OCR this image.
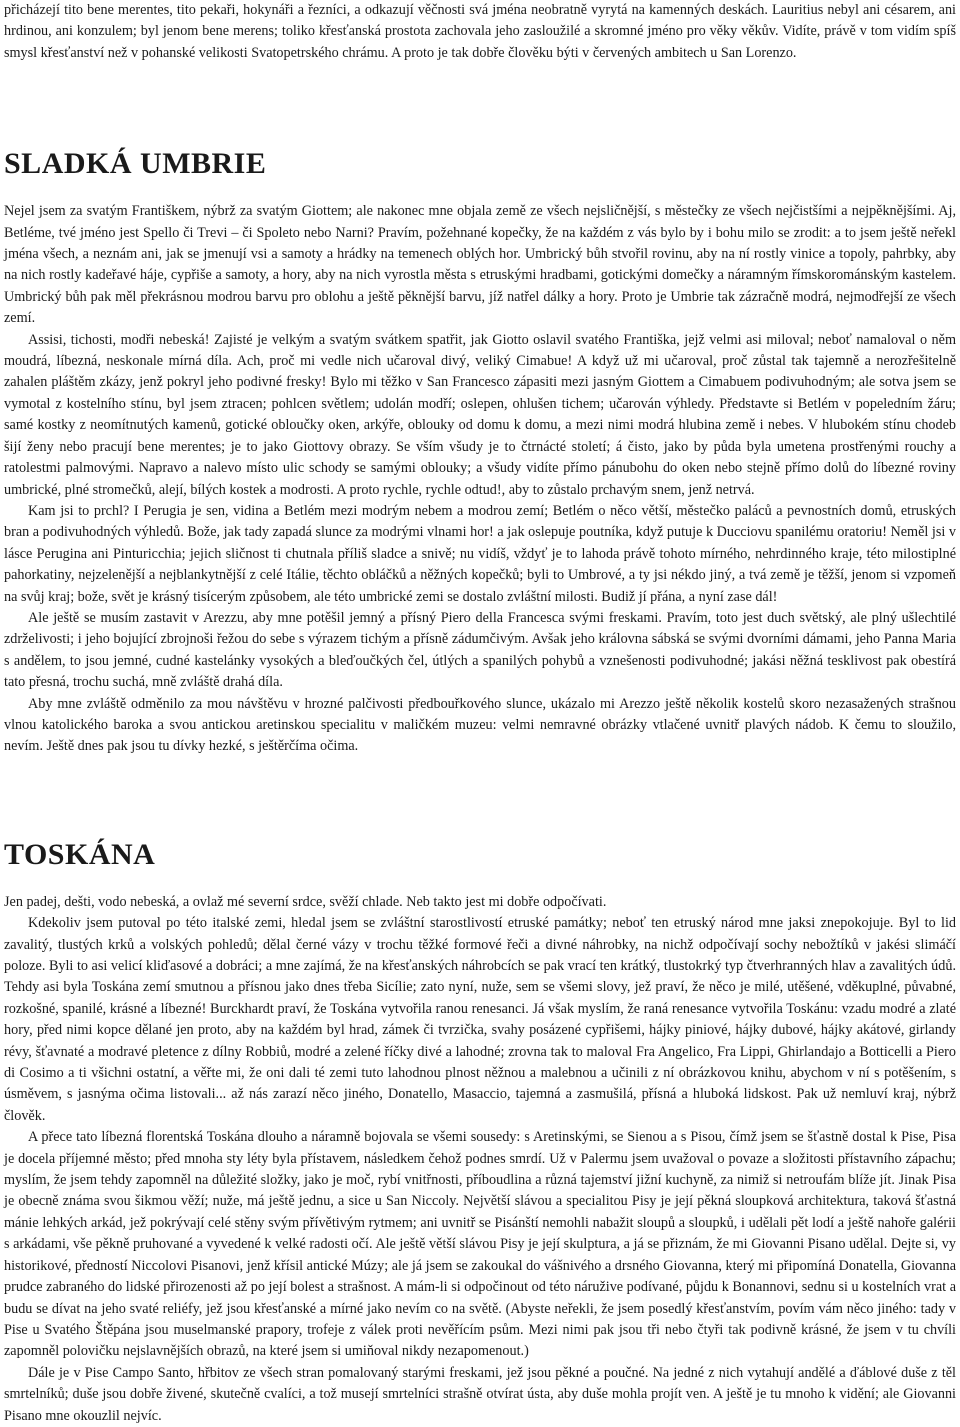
přicházejí tito bene merentes, tito pekaři, hokynáři a řezníci, a odkazují věčnosti svá jména neobratně vyrytá na kamenných deskách. Lauritius nebyl ani césarem, ani hrdinou, ani konzulem; byl jenom bene merens; toliko křesťanská prostota zachovala jeho zasloužilé a skromné jméno pro věky věkův. Vidíte, právě v tom vidím spíš smysl křesťanství než v pohanské velikosti Svatopetrského chrámu. A proto je tak dobře člověku býti v červených ambitech u San Lorenzo.

SLADKÁ UMBRIE

Nejel jsem za svatým Františkem, nýbrž za svatým Giottem; ale nakonec mne objala země ze všech nejsličnější, s městečky ze všech nejčistšími a nejpěknějšími. Aj, Betléme, tvé jméno jest Spello či Trevi – či Spoleto nebo Narni? Pravím, požehnané kopečky, že na každém z vás bylo by i bohu milo se zrodit: a to jsem ještě neřekl jména všech, a neznám ani, jak se jmenují vsi a samoty a hrádky na temenech oblých hor. Umbrický bůh stvořil rovinu, aby na ní rostly vinice a topoly, pahrbky, aby na nich rostly kadeřavé háje, cypřiše a samoty, a hory, aby na nich vyrostla města s etruskými hradbami, gotickými domečky a náramným římskorománským kastelem. Umbrický bůh pak měl překrásnou modrou barvu pro oblohu a ještě pěknější barvu, jíž natřel dálky a hory. Proto je Umbrie tak zázračně modrá, nejmodřejší ze všech zemí.

Assisi, tichosti, modři nebeská! Zajisté je velkým a svatým svátkem spatřit, jak Giotto oslavil svatého Františka, jejž velmi asi miloval; neboť namaloval o něm moudrá, líbezná, neskonale mírná díla. Ach, proč mi vedle nich učaroval divý, veliký Cimabue! A když už mi učaroval, proč zůstal tak tajemně a nerozřešitelně zahalen pláštěm zkázy, jenž pokryl jeho podivné fresky! Bylo mi těžko v San Francesco zápasiti mezi jasným Giottem a Cimabuem podivuhodným; ale sotva jsem se vymotal z kostelního stínu, byl jsem ztracen; pohlcen světlem; udolán modří; oslepen, ohlušen tichem; učarován výhledy. Představte si Betlém v popeledním žáru; samé kostky z neomítnutých kamenů, gotické obloučky oken, arkýře, oblouky od domu k domu, a mezi nimi modrá hlubina země i nebes. V hlubokém stínu chodeb šijí ženy nebo pracují bene merentes; je to jako Giottovy obrazy. Se vším všudy je to čtrnácté století; á čisto, jako by půda byla umetena prostřenými rouchy a ratolestmi palmovými. Napravo a nalevo místo ulic schody se samými oblouky; a všudy vidíte přímo pánubohu do oken nebo stejně přímo dolů do líbezné roviny umbrické, plné stromečků, alejí, bílých kostek a modrosti. A proto rychle, rychle odtud!, aby to zůstalo prchavým snem, jenž netrvá.

Kam jsi to prchl? I Perugia je sen, vidina a Betlém mezi modrým nebem a modrou zemí; Betlém o něco větší, městečko paláců a pevnostních domů, etruských bran a podivuhodných výhledů. Bože, jak tady zapadá slunce za modrými vlnami hor! a jak oslepuje poutníka, když putuje k Ducciovu spanilému oratoriu! Neměl jsi v lásce Perugina ani Pinturicchia; jejich sličnost ti chutnala příliš sladce a snivě; nu vidíš, vždyť je to lahoda právě tohoto mírného, nehrdinného kraje, této milostiplné pahorkatiny, nejzelenější a nejblankytnější z celé Itálie, těchto obláčků a něžných kopečků; byli to Umbrové, a ty jsi nékdo jiný, a tvá země je těžší, jenom si vzpomeň na svůj kraj; bože, svět je krásný tisícerým způsobem, ale této umbrické zemi se dostalo zvláštní milosti. Budiž jí přána, a nyní zase dál!

Ale ještě se musím zastavit v Arezzu, aby mne potěšil jemný a přísný Piero della Francesca svými freskami. Pravím, toto jest duch světský, ale plný ušlechtilé zdrželivosti; i jeho bojující zbrojnoši řežou do sebe s výrazem tichým a přísně zádumčivým. Avšak jeho královna sábská se svými dvorními dámami, jeho Panna Maria s andělem, to jsou jemné, cudné kastelánky vysokých a bleďoučkých čel, útlých a spanilých pohybů a vznešenosti podivuhodné; jakási něžná tesklivost pak obestírá tato přesná, trochu suchá, mně zvláště drahá díla.

Aby mne zvláště odměnilo za mou návštěvu v hrozné palčivosti předbouřkového slunce, ukázalo mi Arezzo ještě několik kostelů skoro nezasažených strašnou vlnou katolického baroka a svou antickou aretinskou specialitu v maličkém muzeu: velmi nemravné obrázky vtlačené uvnitř plavých nádob. K čemu to sloužilo, nevím. Ještě dnes pak jsou tu dívky hezké, s ještěrčíma očima.

TOSKÁNA

Jen padej, dešti, vodo nebeská, a ovlaž mé severní srdce, svěží chlade. Neb takto jest mi dobře odpočívati.

Kdekoliv jsem putoval po této italské zemi, hledal jsem se zvláštní starostlivostí etruské památky; neboť ten etruský národ mne jaksi znepokojuje. Byl to lid zavalitý, tlustých krků a volských pohledů; dělal černé vázy v trochu těžké formové řeči a divné náhrobky, na nichž odpočívají sochy nebožtíků v jakési slimáčí poloze. Byli to asi velicí kliďasové a dobráci; a mne zajímá, že na křesťanských náhrobcích se pak vrací ten krátký, tlustokrký typ čtverhranných hlav a zavalitých údů. Tehdy asi byla Toskána zemí smutnou a přísnou jako dnes třeba Sicílie; zato nyní, nuže, sem se všemi slovy, jež praví, že něco je milé, utěšené, vděkuplné, půvabné, rozkošné, spanilé, krásné a líbezné! Burckhardt praví, že Toskána vytvořila ranou renesanci. Já však myslím, že raná renesance vytvořila Toskánu: vzadu modré a zlaté hory, před nimi kopce dělané jen proto, aby na každém byl hrad, zámek či tvrzička, svahy posázené cypřišemi, hájky piniové, hájky dubové, hájky akátové, girlandy révy, šťavnaté a modravé pletence z dílny Robbiů, modré a zelené říčky divé a lahodné; zrovna tak to maloval Fra Angelico, Fra Lippi, Ghirlandajo a Botticelli a Piero di Cosimo a ti všichni ostatní, a věřte mi, že oni dali té zemi tuto lahodnou plnost něžnou a malebnou a učinili z ní obrázkovou knihu, abychom v ní s potěšením, s úsměvem, s jasnýma očima listovali... až nás zarazí něco jiného, Donatello, Masaccio, tajemná a zasmušilá, přísná a hluboká lidskost. Pak už nemluví kraj, nýbrž člověk.

A přece tato líbezná florentská Toskána dlouho a náramně bojovala se všemi sousedy: s Aretinskými, se Sienou a s Pisou, čímž jsem se šťastně dostal k Pise, Pisa je docela příjemné město; před mnoha sty léty byla přístavem, následkem čehož podnes smrdí. Už v Palermu jsem uvažoval o povaze a složitosti přístavního zápachu; myslím, že jsem tehdy zapomněl na důležité složky, jako je moč, rybí vnitřnosti, příboudlina a různá tajemství jižní kuchyně, za nimiž si netroufám blíže jít. Jinak Pisa je obecně známa svou šikmou věží; nuže, má ještě jednu, a sice u San Niccoly. Největší slávou a specialitou Pisy je její pěkná sloupková architektura, taková šťastná mánie lehkých arkád, jež pokrývají celé stěny svým přívětivým rytmem; ani uvnitř se Pisánští nemohli nabažit sloupů a sloupků, i udělali pět lodí a ještě nahoře galérii s arkádami, vše pěkně pruhované a vyvedené k velké radosti očí. Ale ještě větší slávou Pisy je její skulptura, a já se přiznám, že mi Giovanni Pisano udělal. Dejte si, vy historikové, předností Niccolovi Pisanovi, jenž křísil antické Múzy; ale já jsem se zakoukal do vášnivého a drsného Giovanna, který mi připomíná Donatella, Giovanna prudce zabraného do lidské přirozenosti až po její bolest a strašnost. A mám-li si odpočinout od této náružive podívané, půjdu k Bonannovi, sednu si u kostelních vrat a budu se dívat na jeho svaté reliéfy, jež jsou křesťanské a mírné jako nevím co na světě. (Abyste neřekli, že jsem posedlý křesťanstvím, povím vám něco jiného: tady v Pise u Svatého Štěpána jsou muselmanské prapory, trofeje z válek proti nevěřícím psům. Mezi nimi pak jsou tři nebo čtyři tak podivně krásné, že jsem v tu chvíli zapomněl polovičku nejslavnějších obrazů, na které jsem si umiňoval nikdy nezapomenout.)

Dále je v Pise Campo Santo, hřbitov ze všech stran pomalovaný starými freskami, jež jsou pěkné a poučné. Na jedné z nich vytahují andělé a ďáblové duše z těl smrtelníků; duše jsou dobře živené, skutečně cvalíci, a tož musejí smrtelníci strašně otvírat ústa, aby duše mohla projít ven. A ještě je tu mnoho k vidění; ale Giovanni Pisano mne okouzlil nejvíc.
